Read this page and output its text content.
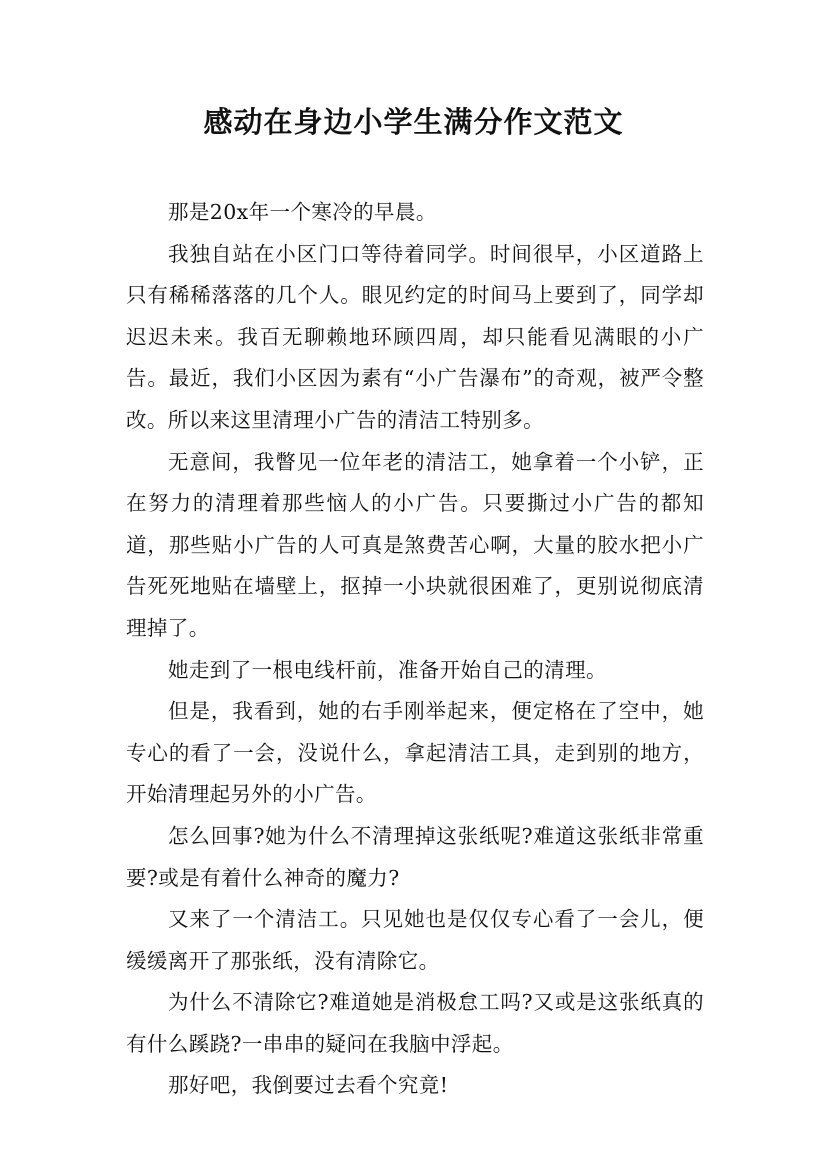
感动在身边小学生满分作文范文

那是20x年一个寒冷的早晨。

我独自站在小区门口等待着同学。时间很早，小区道路上只有稀稀落落的几个人。眼见约定的时间马上要到了，同学却迟迟未来。我百无聊赖地环顾四周，却只能看见满眼的小广告。最近，我们小区因为素有“小广告瀑布”的奇观，被严令整改。所以来这里清理小广告的清洁工特别多。

无意间，我瞥见一位年老的清洁工，她拿着一个小铲，正在努力的清理着那些恼人的小广告。只要撕过小广告的都知道，那些贴小广告的人可真是煞费苦心啊，大量的胶水把小广告死死地贴在墙壁上，抠掉一小块就很困难了，更别说彻底清理掉了。

她走到了一根电线杆前，准备开始自己的清理。

但是，我看到，她的右手刚举起来，便定格在了空中，她专心的看了一会，没说什么，拿起清洁工具，走到别的地方，开始清理起另外的小广告。

怎么回事?她为什么不清理掉这张纸呢?难道这张纸非常重要?或是有着什么神奇的魔力?

又来了一个清洁工。只见她也是仅仅专心看了一会儿，便缓缓离开了那张纸，没有清除它。

为什么不清除它?难道她是消极怠工吗?又或是这张纸真的有什么蹊跷?一串串的疑问在我脑中浮起。

那好吧，我倒要过去看个究竟!
